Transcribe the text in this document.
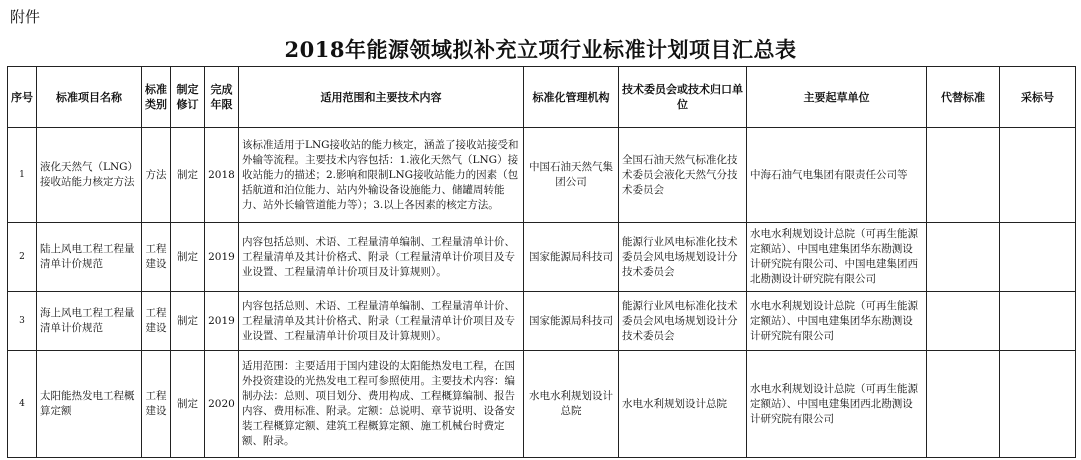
附件
2018年能源领域拟补充立项行业标准计划项目汇总表
序号	标准项目名称	标准类别	制定修订	完成年限	适用范围和主要技术内容	标准化管理机构	技术委员会或技术归口单位	主要起草单位	代替标准	采标号
1	液化天然气（LNG）接收站能力核定方法	方法	制定	2018	该标准适用于LNG接收站的能力核定，涵盖了接收站接受和外输等流程。主要技术内容包括：1.液化天然气（LNG）接收站能力的描述；2.影响和限制LNG接收站能力的因素（包括航道和泊位能力、站内外输设备设施能力、储罐周转能力、站外长输管道能力等）；3.以上各因素的核定方法。	中国石油天然气集团公司	全国石油天然气标准化技术委员会液化天然气分技术委员会	中海石油气电集团有限责任公司等		
2	陆上风电工程工程量清单计价规范	工程建设	制定	2019	内容包括总则、术语、工程量清单编制、工程量清单计价、工程量清单及其计价格式、附录（工程量清单计价项目及专业设置、工程量清单计价项目及计算规则）。	国家能源局科技司	能源行业风电标准化技术委员会风电场规划设计分技术委员会	水电水利规划设计总院（可再生能源定额站）、中国电建集团华东勘测设计研究院有限公司、中国电建集团西北勘测设计研究院有限公司		
3	海上风电工程工程量清单计价规范	工程建设	制定	2019	内容包括总则、术语、工程量清单编制、工程量清单计价、工程量清单及其计价格式、附录（工程量清单计价项目及专业设置、工程量清单计价项目及计算规则）。	国家能源局科技司	能源行业风电标准化技术委员会风电场规划设计分技术委员会	水电水利规划设计总院（可再生能源定额站）、中国电建集团华东勘测设计研究院有限公司		
4	太阳能热发电工程概算定额	工程建设	制定	2020	适用范围：主要适用于国内建设的太阳能热发电工程，在国外投资建设的光热发电工程可参照使用。主要技术内容：编制办法：总则、项目划分、费用构成、工程概算编制、报告内容、费用标准、附录。定额：总说明、章节说明、设备安装工程概算定额、建筑工程概算定额、施工机械台时费定额、附录。	水电水利规划设计总院	水电水利规划设计总院	水电水利规划设计总院（可再生能源定额站）、中国电建集团西北勘测设计研究院有限公司		
